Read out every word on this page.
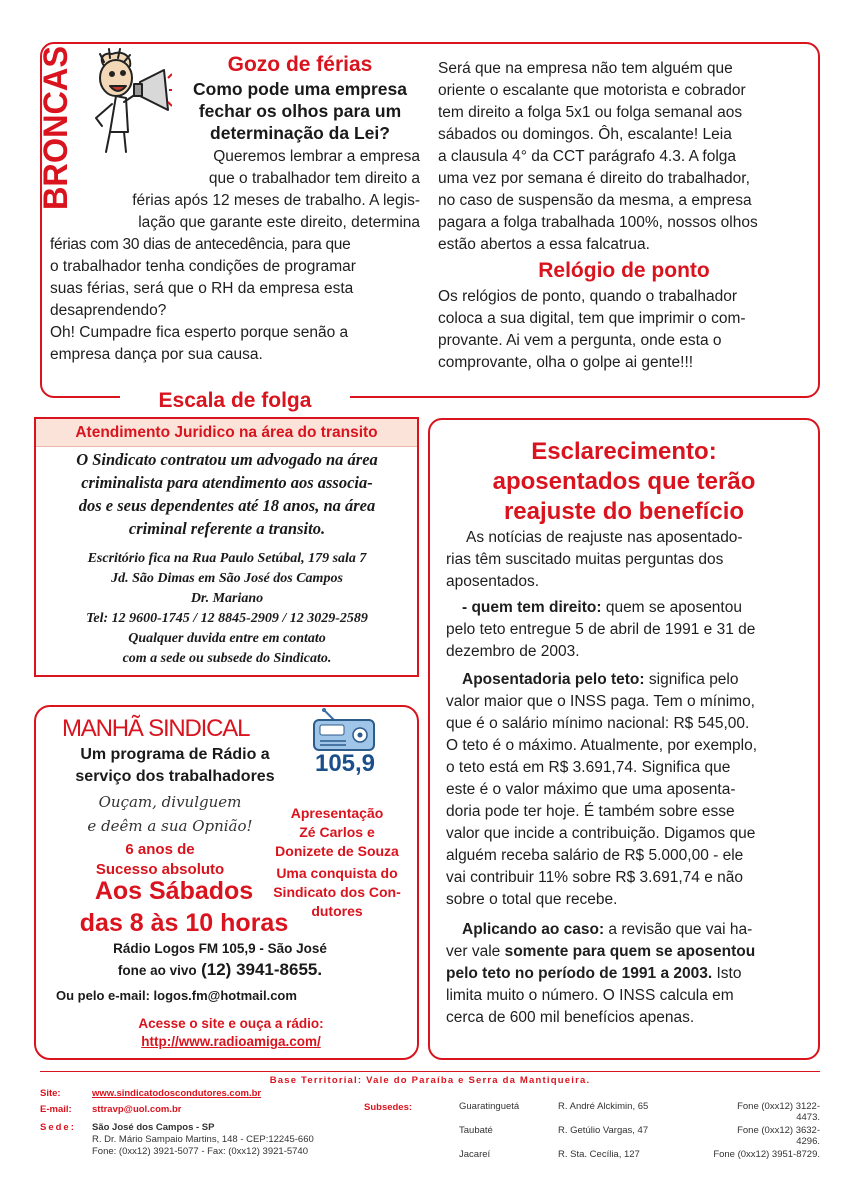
BRONCAS	Gozo de férias
Como pode uma empresa
fechar os olhos para um
determinação da Lei?
Queremos lembrar a empresa
que o trabalhador tem direito a
férias após 12 meses de trabalho. A legis-
lação que garante este direito, determina
férias com 30 dias de antecedência, para que
o trabalhador tenha condições de programar
suas férias, será que o RH da empresa esta
desaprendendo?
Oh! Cumpadre fica esperto porque senão a
empresa dança por sua causa.
Será que na empresa não tem alguém que
oriente o escalante que motorista e cobrador
tem direito a folga 5x1 ou folga semanal aos
sábados ou domingos. Ôh, escalante! Leia
a clausula 4° da CCT parágrafo 4.3. A folga
uma vez por semana é direito do trabalhador,
no caso de suspensão da mesma, a empresa
pagara a folga trabalhada 100%, nossos olhos
estão abertos a essa falcatrua.
Relógio de ponto
Os relógios de ponto, quando o trabalhador
coloca a sua digital, tem que imprimir o com-
provante. Ai vem a pergunta, onde esta o
comprovante, olha o golpe ai gente!!!
Escala de folga
Atendimento Juridico na área do transito
O Sindicato contratou um advogado na área
criminalista para atendimento aos associa-
dos e seus dependentes até 18 anos, na área
criminal referente a transito.
Escritório fica na Rua Paulo Setúbal, 179 sala 7
Jd. São Dimas em São José dos Campos
Dr. Mariano
Tel: 12 9600-1745 / 12 8845-2909 / 12 3029-2589
Qualquer duvida entre em contato
com a sede ou subsede do Sindicato.
Esclarecimento:
aposentados que terão
reajuste do benefício
As notícias de reajuste nas aposentado-
rias têm suscitado muitas perguntas dos
aposentados.
- quem tem direito: quem se aposentou
pelo teto entregue 5 de abril de 1991 e 31 de
dezembro de 2003.
Aposentadoria pelo teto: significa pelo
valor maior que o INSS paga. Tem o mínimo,
que é o salário mínimo nacional: R$ 545,00.
O teto é o máximo. Atualmente, por exemplo,
o teto está em R$ 3.691,74. Significa que
este é o valor máximo que uma aposenta-
doria pode ter hoje. É também sobre esse
valor que incide a contribuição. Digamos que
alguém receba salário de R$ 5.000,00 - ele
vai contribuir 11% sobre R$ 3.691,74 e não
sobre o total que recebe.
Aplicando ao caso: a revisão que vai ha-
ver vale somente para quem se aposentou
pelo teto no período de 1991 a 2003. Isto
limita muito o número. O INSS calcula em
cerca de 600 mil benefícios apenas.
MANHÃ SINDICAL
105,9
Um programa de Rádio a
serviço dos trabalhadores
Ouçam, divulguem
e deêm a sua Opnião!
6 anos de
Sucesso absoluto
Apresentação
Zé Carlos e
Donizete de Souza
Uma conquista do
Sindicato dos Con-
dutores
Aos Sábados
das 8 às 10 horas
Rádio Logos FM 105,9 - São José
fone ao vivo (12) 3941-8655.
Ou pelo e-mail: logos.fm@hotmail.com
Acesse o site e ouça a rádio:
http://www.radioamiga.com/
Base Territorial: Vale do Paraíba e Serra da Mantiqueira.
Site:	www.sindicatodoscondutores.com.br
E-mail: sttravp@uol.com.br
Sede: São José dos Campos - SP
R. Dr. Mário Sampaio Martins, 148 - CEP:12245-660
Fone: (0xx12) 3921-5077 - Fax: (0xx12) 3921-5740
Subsedes:	Guaratinguetá	R. André Alckimin, 65	Fone (0xx12) 3122-
4473.
Taubaté	R. Getúlio Vargas, 47	Fone (0xx12) 3632-
4296.
Jacareí	R. Sta. Cecília, 127	Fone (0xx12) 3951-8729.
